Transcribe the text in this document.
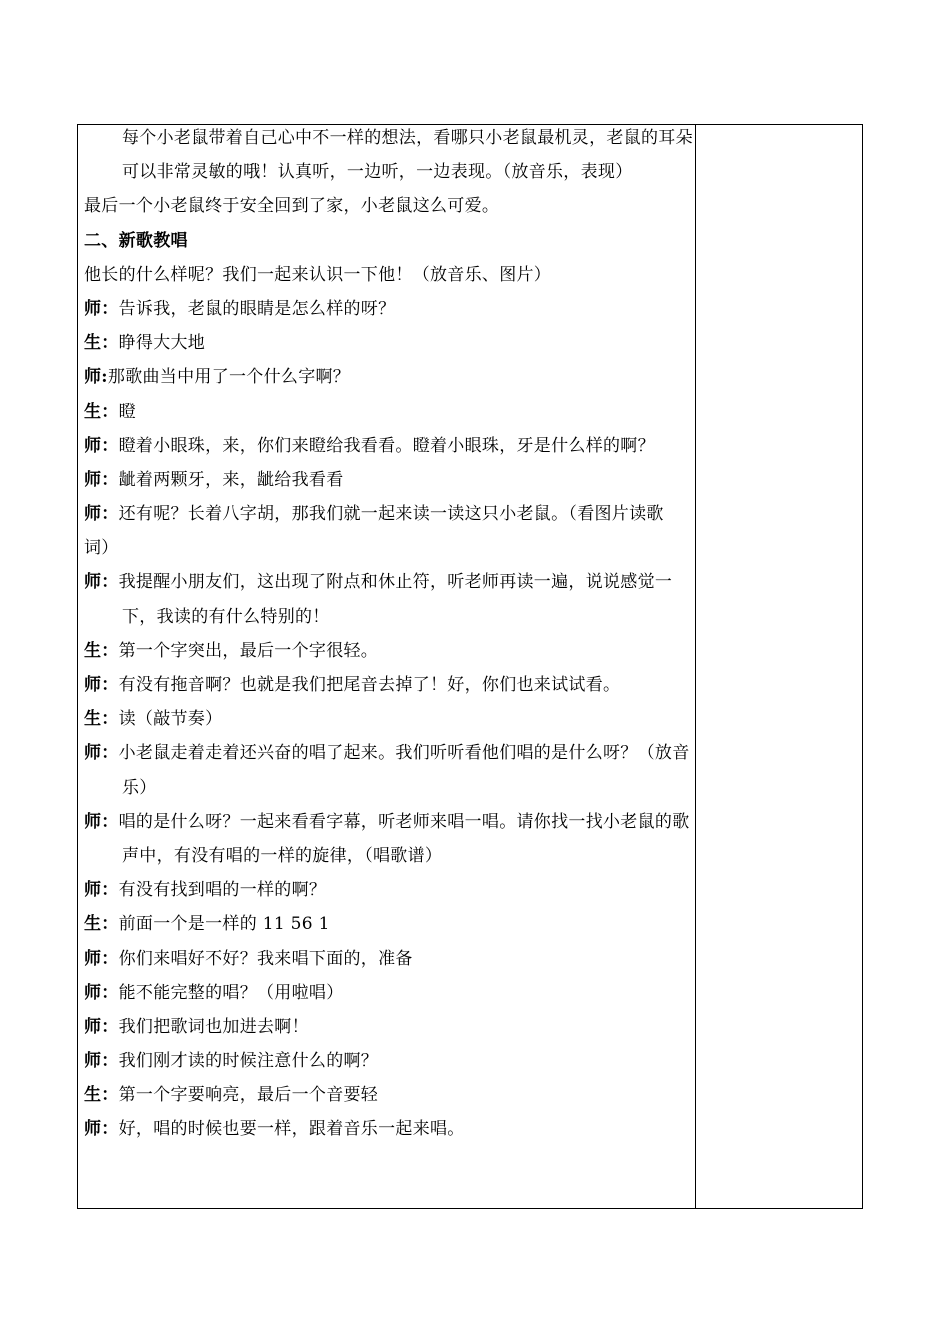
每个小老鼠带着自己心中不一样的想法，看哪只小老鼠最机灵，老鼠的耳朵
可以非常灵敏的哦！认真听，一边听，一边表现。（放音乐，表现）
最后一个小老鼠终于安全回到了家，小老鼠这么可爱。
二、新歌教唱
他长的什么样呢？我们一起来认识一下他！（放音乐、图片）
师：告诉我，老鼠的眼睛是怎么样的呀？
生：睁得大大地
师:那歌曲当中用了一个什么字啊？
生：瞪
师：瞪着小眼珠，来，你们来瞪给我看看。瞪着小眼珠，牙是什么样的啊？
师：龇着两颗牙，来，龇给我看看
师：还有呢？长着八字胡，那我们就一起来读一读这只小老鼠。（看图片读歌
词）
师：我提醒小朋友们，这出现了附点和休止符，听老师再读一遍，说说感觉一
下，我读的有什么特别的！
生：第一个字突出，最后一个字很轻。
师：有没有拖音啊？也就是我们把尾音去掉了！好，你们也来试试看。
生：读（敲节奏）
师：小老鼠走着走着还兴奋的唱了起来。我们听听看他们唱的是什么呀？（放音
乐）
师：唱的是什么呀？一起来看看字幕，听老师来唱一唱。请你找一找小老鼠的歌
声中，有没有唱的一样的旋律，（唱歌谱）
师：有没有找到唱的一样的啊？
生：前面一个是一样的 11 56 1
师：你们来唱好不好？我来唱下面的，准备
师：能不能完整的唱？（用啦唱）
师：我们把歌词也加进去啊！
师：我们刚才读的时候注意什么的啊？
生：第一个字要响亮，最后一个音要轻
师：好，唱的时候也要一样，跟着音乐一起来唱。
